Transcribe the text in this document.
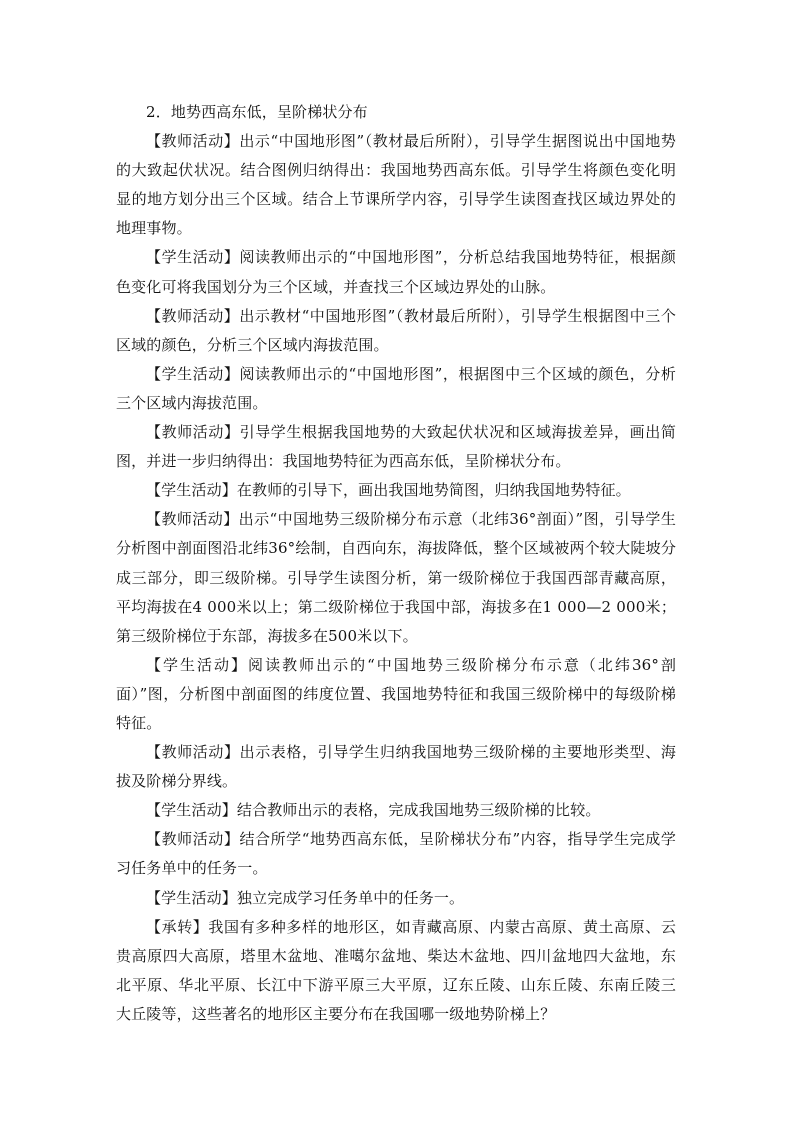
2．地势西高东低，呈阶梯状分布

【教师活动】出示“中国地形图”（教材最后所附），引导学生据图说出中国地势的大致起伏状况。结合图例归纳得出：我国地势西高东低。引导学生将颜色变化明显的地方划分出三个区域。结合上节课所学内容，引导学生读图查找区域边界处的地理事物。

【学生活动】阅读教师出示的“中国地形图”，分析总结我国地势特征，根据颜色变化可将我国划分为三个区域，并查找三个区域边界处的山脉。

【教师活动】出示教材“中国地形图”（教材最后所附），引导学生根据图中三个区域的颜色，分析三个区域内海拔范围。

【学生活动】阅读教师出示的“中国地形图”，根据图中三个区域的颜色，分析三个区域内海拔范围。

【教师活动】引导学生根据我国地势的大致起伏状况和区域海拔差异，画出简图，并进一步归纳得出：我国地势特征为西高东低，呈阶梯状分布。

【学生活动】在教师的引导下，画出我国地势简图，归纳我国地势特征。

【教师活动】出示“中国地势三级阶梯分布示意（北纬36°剖面）”图，引导学生分析图中剖面图沿北纬36°绘制，自西向东，海拔降低，整个区域被两个较大陡坡分成三部分，即三级阶梯。引导学生读图分析，第一级阶梯位于我国西部青藏高原，平均海拔在4 000米以上；第二级阶梯位于我国中部，海拔多在1 000—2 000米；第三级阶梯位于东部，海拔多在500米以下。

【学生活动】阅读教师出示的“中国地势三级阶梯分布示意（北纬36°剖面）”图，分析图中剖面图的纬度位置、我国地势特征和我国三级阶梯中的每级阶梯特征。

【教师活动】出示表格，引导学生归纳我国地势三级阶梯的主要地形类型、海拔及阶梯分界线。

【学生活动】结合教师出示的表格，完成我国地势三级阶梯的比较。

【教师活动】结合所学“地势西高东低，呈阶梯状分布”内容，指导学生完成学习任务单中的任务一。

【学生活动】独立完成学习任务单中的任务一。

【承转】我国有多种多样的地形区，如青藏高原、内蒙古高原、黄土高原、云贵高原四大高原，塔里木盆地、准噶尔盆地、柴达木盆地、四川盆地四大盆地，东北平原、华北平原、长江中下游平原三大平原，辽东丘陵、山东丘陵、东南丘陵三大丘陵等，这些著名的地形区主要分布在我国哪一级地势阶梯上？
